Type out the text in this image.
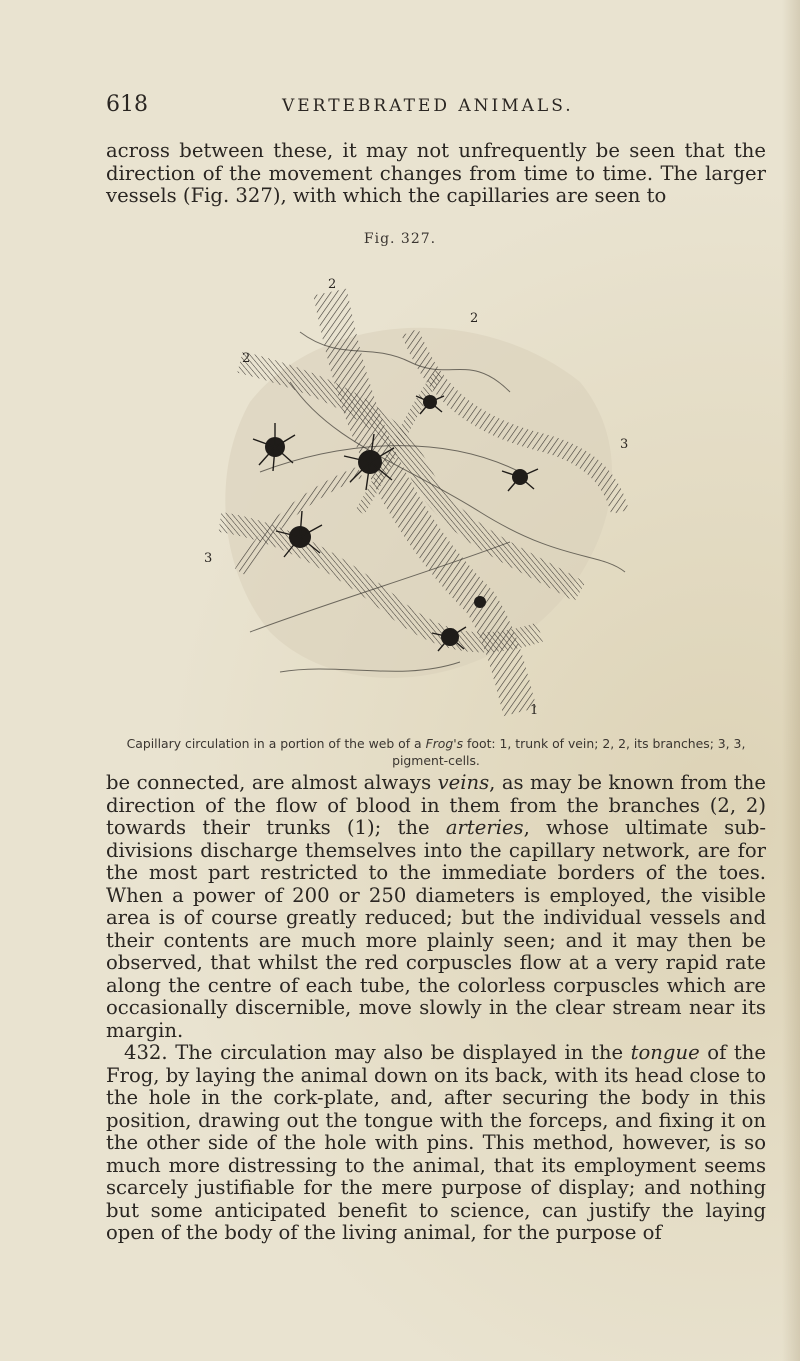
618	VERTEBRATED ANIMALS.

across between these, it may not unfrequently be seen that the direction of the movement changes from time to time. The larger vessels (Fig. 327), with which the capillaries are seen to

Fig. 327.
2
2
2
3
3
1
Capillary circulation in a portion of the web of a Frog's foot: 1, trunk of vein; 2, 2, its branches; 3, 3, pigment-cells.

be connected, are almost always veins, as may be known from the direction of the flow of blood in them from the branches (2, 2) towards their trunks (1); the arteries, whose ultimate sub-divisions discharge themselves into the capillary network, are for the most part restricted to the immediate borders of the toes. When a power of 200 or 250 diameters is employed, the visible area is of course greatly reduced; but the individual vessels and their contents are much more plainly seen; and it may then be observed, that whilst the red corpuscles flow at a very rapid rate along the centre of each tube, the colorless corpuscles which are occasionally discernible, move slowly in the clear stream near its margin.

432. The circulation may also be displayed in the tongue of the Frog, by laying the animal down on its back, with its head close to the hole in the cork-plate, and, after securing the body in this position, drawing out the tongue with the forceps, and fixing it on the other side of the hole with pins. This method, however, is so much more distressing to the animal, that its employment seems scarcely justifiable for the mere purpose of display; and nothing but some anticipated benefit to science, can justify the laying open of the body of the living animal, for the purpose of
